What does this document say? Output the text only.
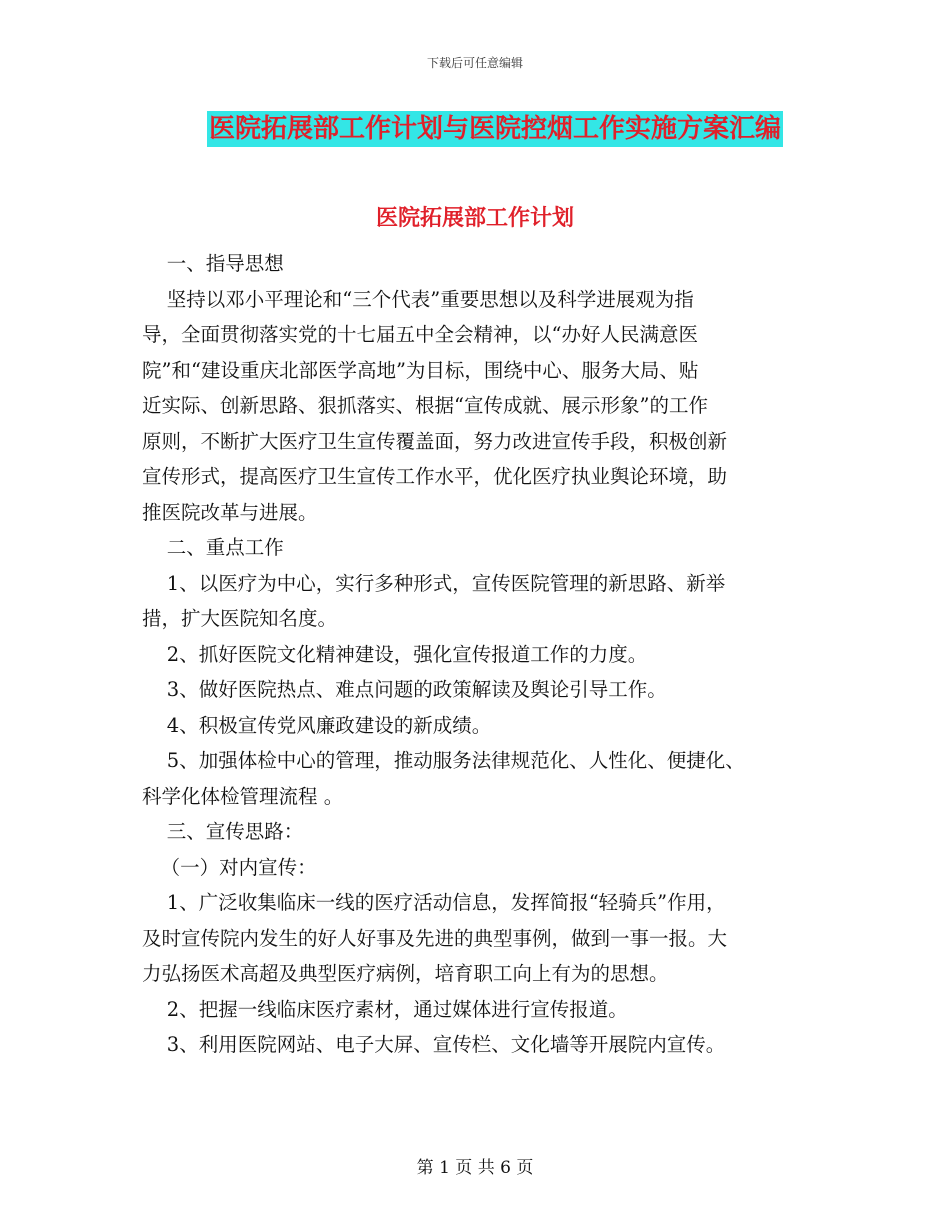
下载后可任意编辑
医院拓展部工作计划与医院控烟工作实施方案汇编
医院拓展部工作计划

一、指导思想

坚持以邓小平理论和“三个代表”重要思想以及科学进展观为指

导，全面贯彻落实党的十七届五中全会精神，以“办好人民满意医

院”和“建设重庆北部医学高地”为目标，围绕中心、服务大局、贴

近实际、创新思路、狠抓落实、根据“宣传成就、展示形象”的工作

原则，不断扩大医疗卫生宣传覆盖面，努力改进宣传手段，积极创新

宣传形式，提高医疗卫生宣传工作水平，优化医疗执业舆论环境，助

推医院改革与进展。

二、重点工作

1、以医疗为中心，实行多种形式，宣传医院管理的新思路、新举

措，扩大医院知名度。

2、抓好医院文化精神建设，强化宣传报道工作的力度。

3、做好医院热点、难点问题的政策解读及舆论引导工作。

4、积极宣传党风廉政建设的新成绩。

5、加强体检中心的管理，推动服务法律规范化、人性化、便捷化、

科学化体检管理流程 。

三、宣传思路：

（一）对内宣传：

1、广泛收集临床一线的医疗活动信息，发挥简报“轻骑兵”作用，

及时宣传院内发生的好人好事及先进的典型事例，做到一事一报。大

力弘扬医术高超及典型医疗病例，培育职工向上有为的思想。

2、把握一线临床医疗素材，通过媒体进行宣传报道。

3、利用医院网站、电子大屏、宣传栏、文化墙等开展院内宣传。

第 1 页 共 6 页
